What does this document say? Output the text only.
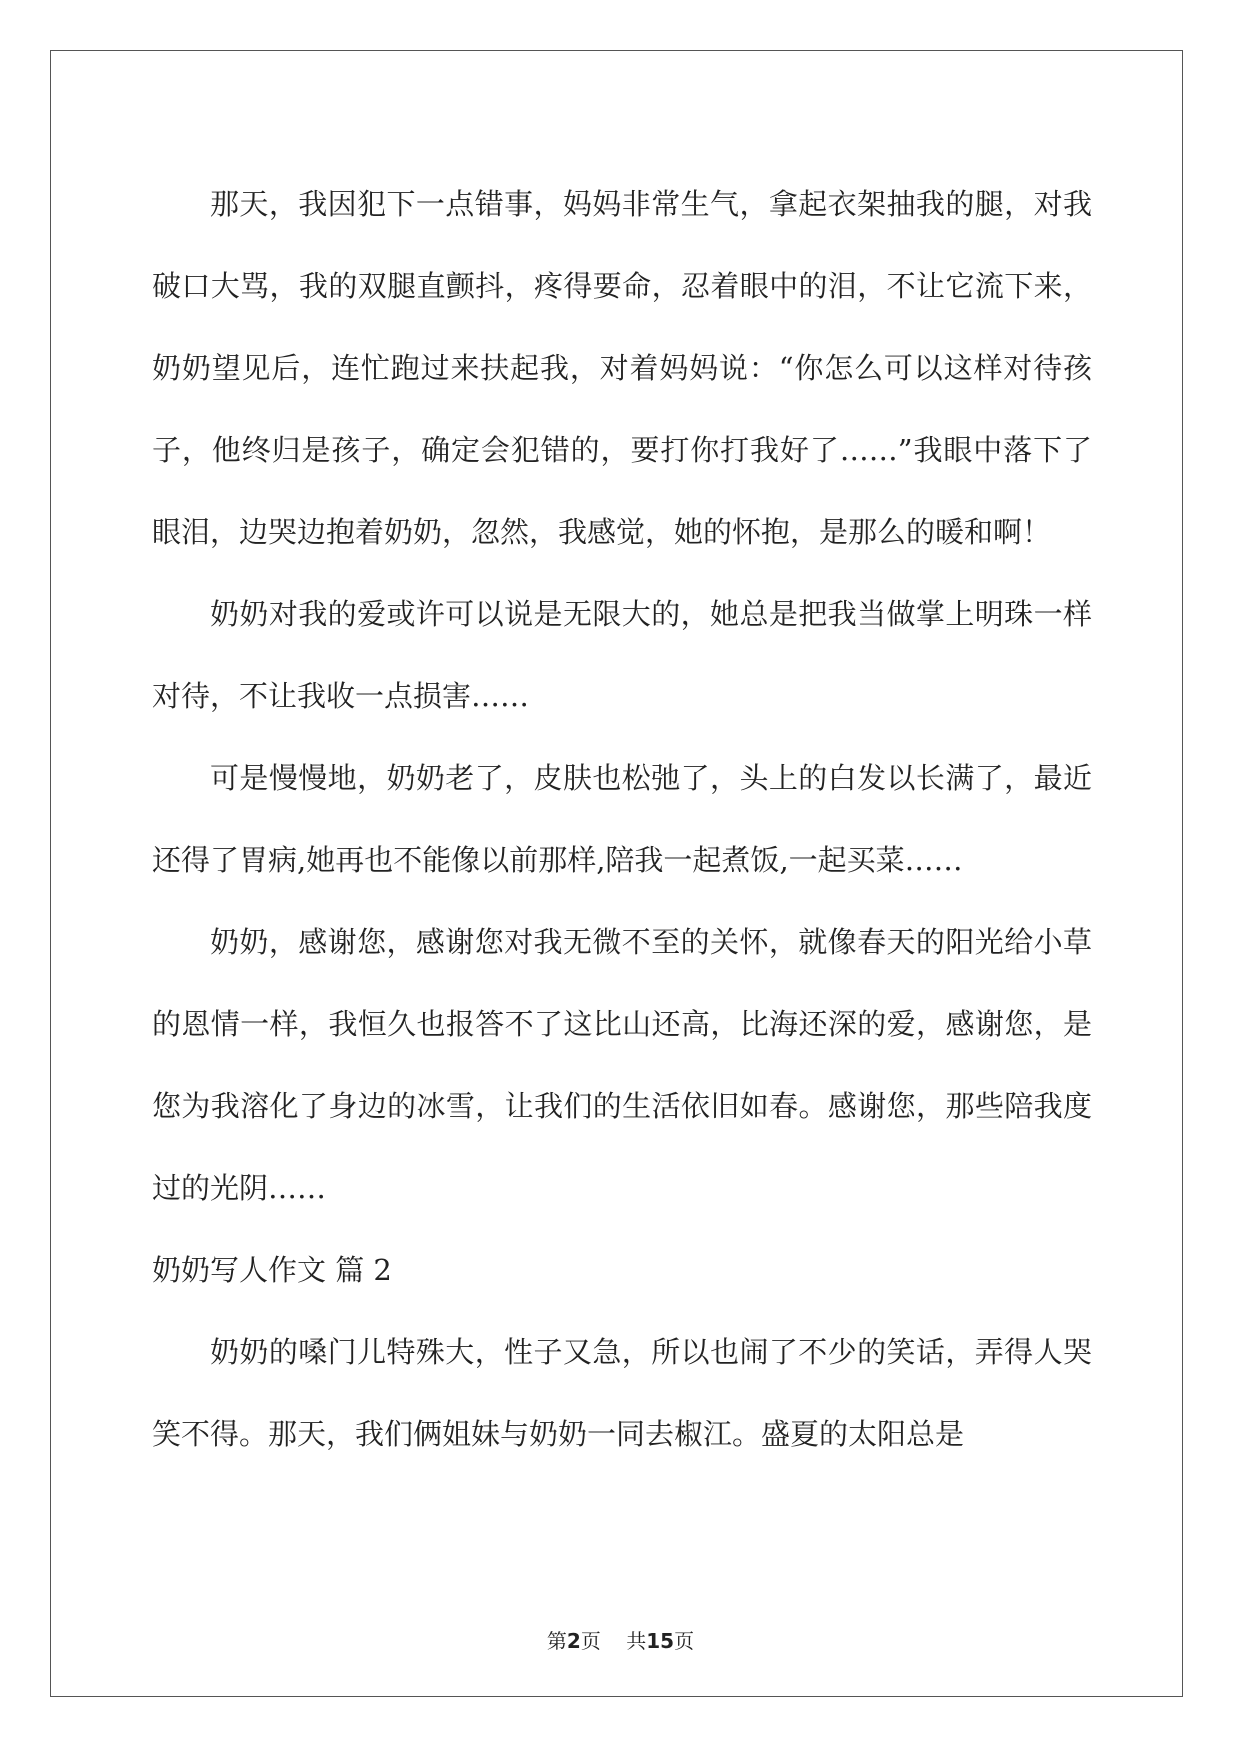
那天，我因犯下一点错事，妈妈非常生气，拿起衣架抽我的腿，对我破口大骂，我的双腿直颤抖，疼得要命，忍着眼中的泪，不让它流下来，奶奶望见后，连忙跑过来扶起我，对着妈妈说：“你怎么可以这样对待孩子，他终归是孩子，确定会犯错的，要打你打我好了……”我眼中落下了眼泪，边哭边抱着奶奶，忽然，我感觉，她的怀抱，是那么的暖和啊！

奶奶对我的爱或许可以说是无限大的，她总是把我当做掌上明珠一样对待，不让我收一点损害……

可是慢慢地，奶奶老了，皮肤也松弛了，头上的白发以长满了，最近还得了胃病,她再也不能像以前那样,陪我一起煮饭,一起买菜……

奶奶，感谢您，感谢您对我无微不至的关怀，就像春天的阳光给小草的恩情一样，我恒久也报答不了这比山还高，比海还深的爱，感谢您，是您为我溶化了身边的冰雪，让我们的生活依旧如春。感谢您，那些陪我度过的光阴……

奶奶写人作文 篇 2

奶奶的嗓门儿特殊大，性子又急，所以也闹了不少的笑话，弄得人哭笑不得。那天，我们俩姐妹与奶奶一同去椒江。盛夏的太阳总是

第2页 共15页
